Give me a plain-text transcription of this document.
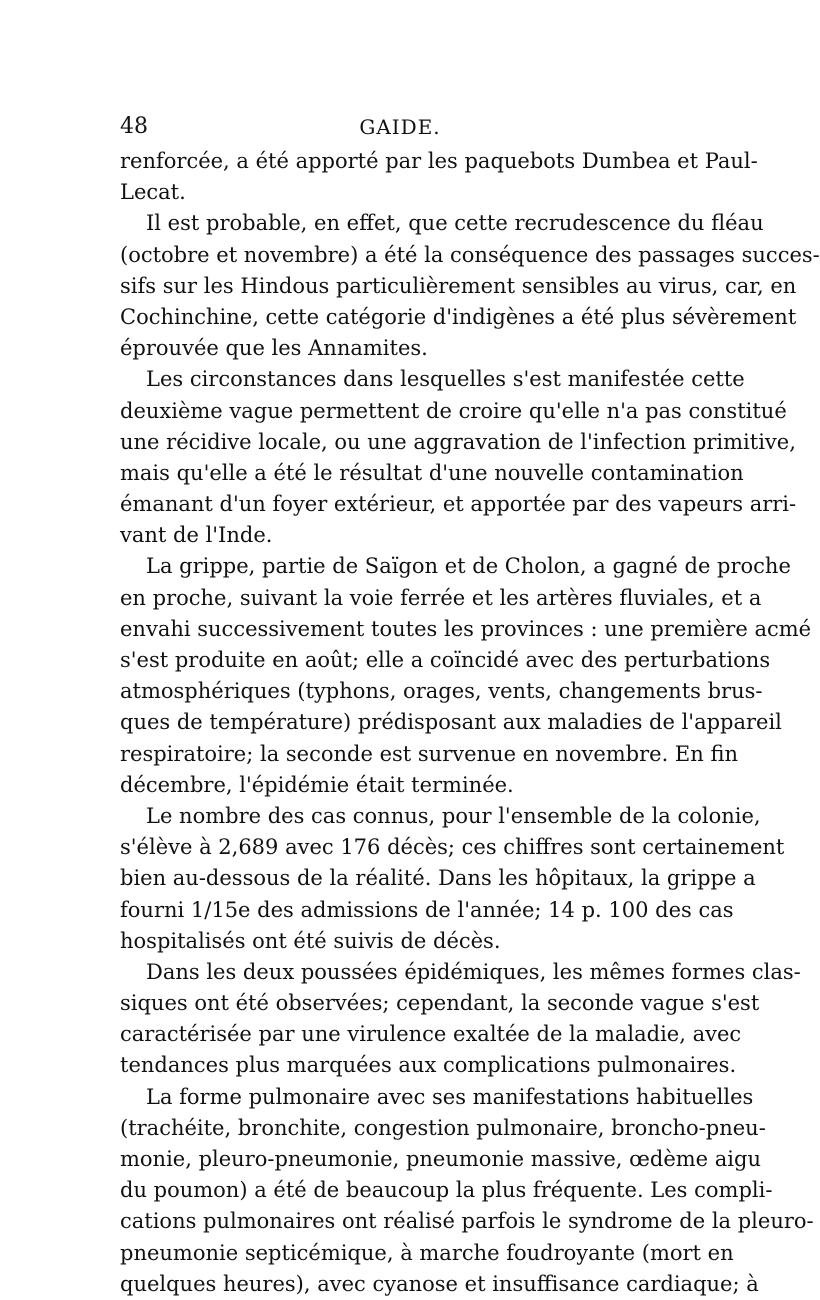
48	GAIDE.
renforcée, a été apporté par les paquebots Dumbea et Paul-
Lecat.
Il est probable, en effet, que cette recrudescence du fléau
(octobre et novembre) a été la conséquence des passages succes-
sifs sur les Hindous particulièrement sensibles au virus, car, en
Cochinchine, cette catégorie d'indigènes a été plus sévèrement
éprouvée que les Annamites.
Les circonstances dans lesquelles s'est manifestée cette
deuxième vague permettent de croire qu'elle n'a pas constitué
une récidive locale, ou une aggravation de l'infection primitive,
mais qu'elle a été le résultat d'une nouvelle contamination
émanant d'un foyer extérieur, et apportée par des vapeurs arri-
vant de l'Inde.
La grippe, partie de Saïgon et de Cholon, a gagné de proche
en proche, suivant la voie ferrée et les artères fluviales, et a
envahi successivement toutes les provinces : une première acmé
s'est produite en août; elle a coïncidé avec des perturbations
atmosphériques (typhons, orages, vents, changements brus-
ques de température) prédisposant aux maladies de l'appareil
respiratoire; la seconde est survenue en novembre. En fin
décembre, l'épidémie était terminée.
Le nombre des cas connus, pour l'ensemble de la colonie,
s'élève à 2,689 avec 176 décès; ces chiffres sont certainement
bien au-dessous de la réalité. Dans les hôpitaux, la grippe a
fourni 1/15e des admissions de l'année; 14 p. 100 des cas
hospitalisés ont été suivis de décès.
Dans les deux poussées épidémiques, les mêmes formes clas-
siques ont été observées; cependant, la seconde vague s'est
caractérisée par une virulence exaltée de la maladie, avec
tendances plus marquées aux complications pulmonaires.
La forme pulmonaire avec ses manifestations habituelles
(trachéite, bronchite, congestion pulmonaire, broncho-pneu-
monie, pleuro-pneumonie, pneumonie massive, œdème aigu
du poumon) a été de beaucoup la plus fréquente. Les compli-
cations pulmonaires ont réalisé parfois le syndrome de la pleuro-
pneumonie septicémique, à marche foudroyante (mort en
quelques heures), avec cyanose et insuffisance cardiaque; à
